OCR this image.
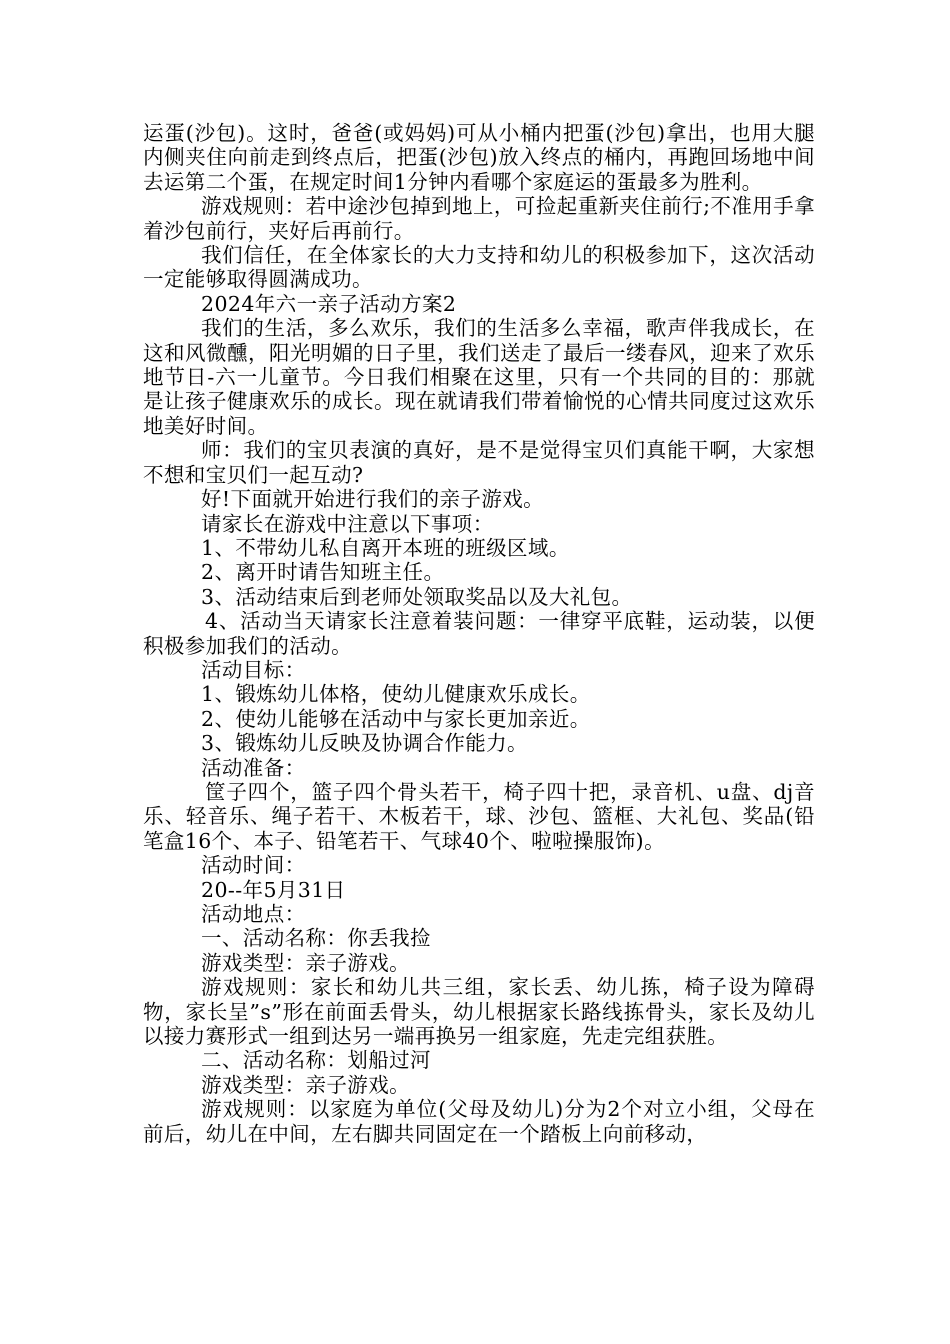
运蛋(沙包)。这时，爸爸(或妈妈)可从小桶内把蛋(沙包)拿出，也用大腿内侧夹住向前走到终点后，把蛋(沙包)放入终点的桶内，再跑回场地中间去运第二个蛋，在规定时间1分钟内看哪个家庭运的蛋最多为胜利。

游戏规则：若中途沙包掉到地上，可捡起重新夹住前行;不准用手拿着沙包前行，夹好后再前行。

我们信任，在全体家长的大力支持和幼儿的积极参加下，这次活动一定能够取得圆满成功。

2024年六一亲子活动方案2

我们的生活，多么欢乐，我们的生活多么幸福，歌声伴我成长，在这和风微醺，阳光明媚的日子里，我们送走了最后一缕春风，迎来了欢乐地节日-六一儿童节。今日我们相聚在这里，只有一个共同的目的：那就是让孩子健康欢乐的成长。现在就请我们带着愉悦的心情共同度过这欢乐地美好时间。

师：我们的宝贝表演的真好，是不是觉得宝贝们真能干啊，大家想不想和宝贝们一起互动?

好!下面就开始进行我们的亲子游戏。

请家长在游戏中注意以下事项：

1、不带幼儿私自离开本班的班级区域。

2、离开时请告知班主任。

3、活动结束后到老师处领取奖品以及大礼包。

4、活动当天请家长注意着装问题：一律穿平底鞋，运动装，以便积极参加我们的活动。

活动目标：

1、锻炼幼儿体格，使幼儿健康欢乐成长。

2、使幼儿能够在活动中与家长更加亲近。

3、锻炼幼儿反映及协调合作能力。

活动准备：

筐子四个，篮子四个骨头若干，椅子四十把，录音机、u盘、dj音乐、轻音乐、绳子若干、木板若干，球、沙包、篮框、大礼包、奖品(铅笔盒16个、本子、铅笔若干、气球40个、啦啦操服饰)。

活动时间：

20--年5月31日

活动地点：

一、活动名称：你丢我捡

游戏类型：亲子游戏。

游戏规则：家长和幼儿共三组，家长丢、幼儿拣，椅子设为障碍物，家长呈”s”形在前面丢骨头，幼儿根据家长路线拣骨头，家长及幼儿以接力赛形式一组到达另一端再换另一组家庭，先走完组获胜。

二、活动名称：划船过河

游戏类型：亲子游戏。

游戏规则：以家庭为单位(父母及幼儿)分为2个对立小组，父母在前后，幼儿在中间，左右脚共同固定在一个踏板上向前移动，
